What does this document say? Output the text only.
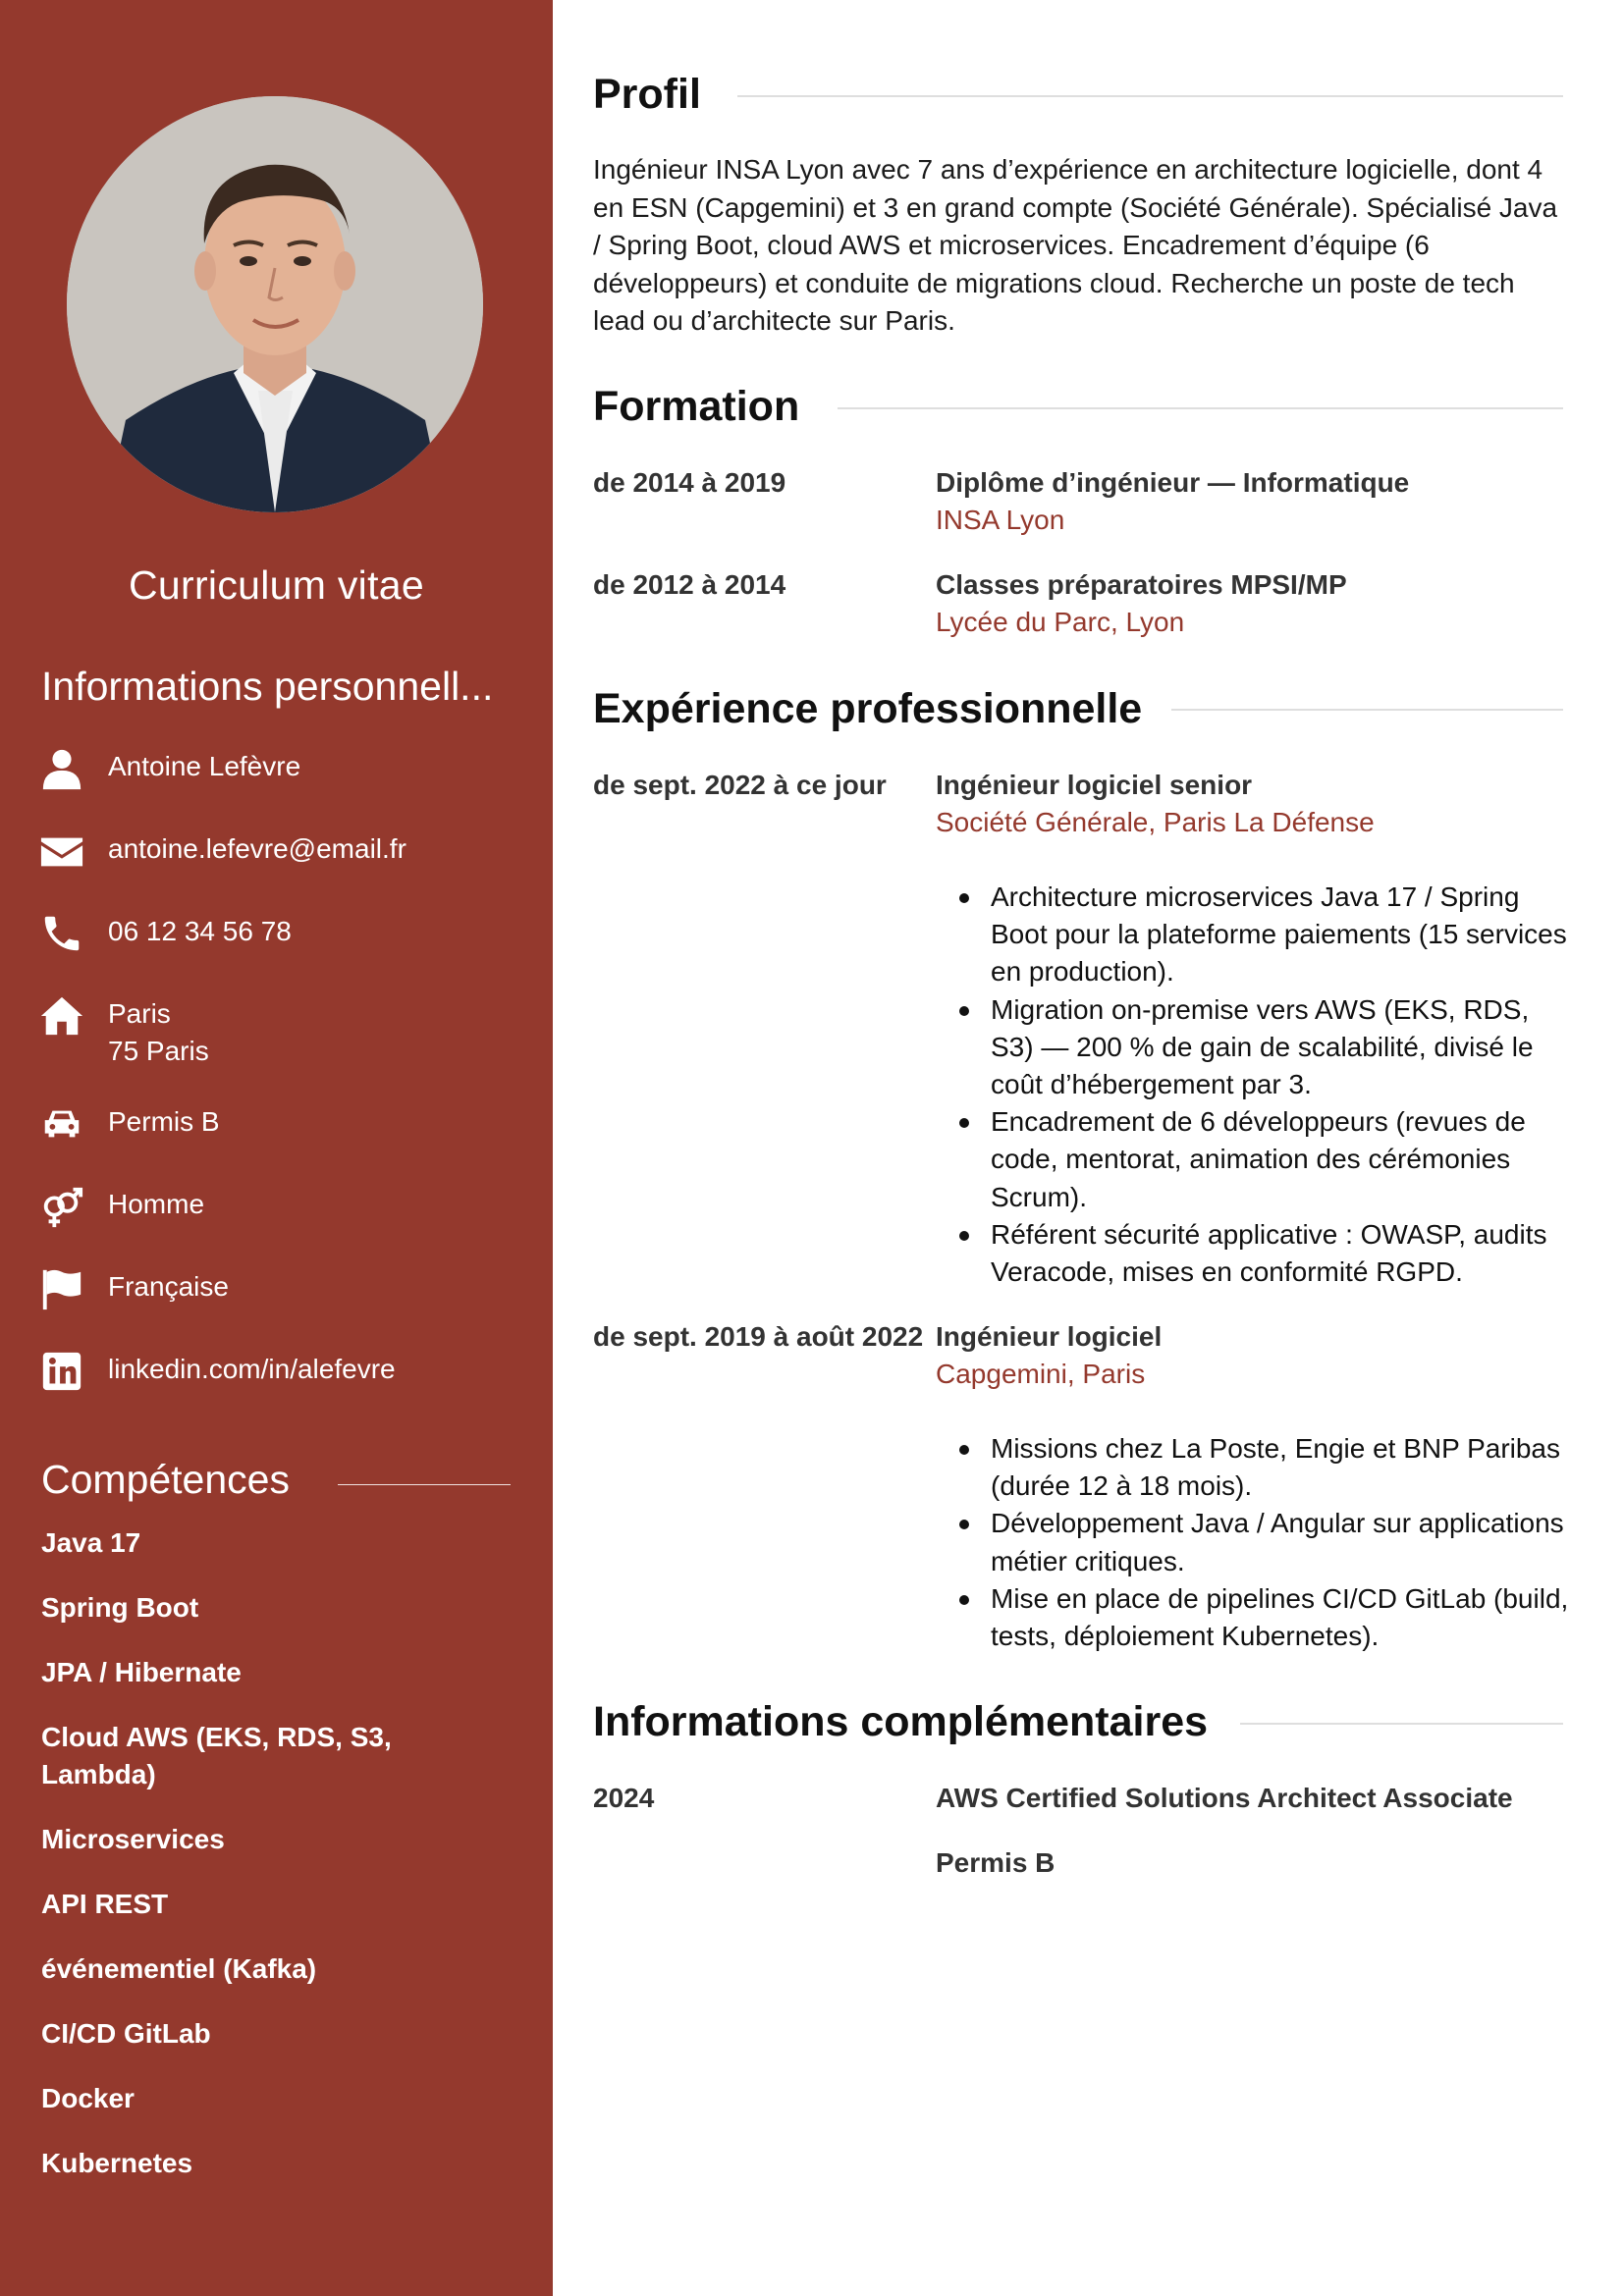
Curriculum vitae
Informations personnell...
Antoine Lefèvre
antoine.lefevre@email.fr
06 12 34 56 78
Paris
75 Paris
Permis B
Homme
Française
linkedin.com/in/alefevre
Compétences
Java 17
Spring Boot
JPA / Hibernate
Cloud AWS (EKS, RDS, S3, Lambda)
Microservices
API REST
événementiel (Kafka)
CI/CD GitLab
Docker
Kubernetes
Profil
Ingénieur INSA Lyon avec 7 ans d’expérience en architecture logicielle, dont 4 en ESN (Capgemini) et 3 en grand compte (Société Générale). Spécialisé Java / Spring Boot, cloud AWS et microservices. Encadrement d’équipe (6 développeurs) et conduite de migrations cloud. Recherche un poste de tech lead ou d’architecte sur Paris.
Formation
de 2014 à 2019	Diplôme d’ingénieur — Informatique
INSA Lyon
de 2012 à 2014	Classes préparatoires MPSI/MP
Lycée du Parc, Lyon
Expérience professionnelle
de sept. 2022 à ce jour Ingénieur logiciel senior
Société Générale, Paris La Défense
Architecture microservices Java 17 / Spring Boot pour la plateforme paiements (15 services en production).
Migration on-premise vers AWS (EKS, RDS, S3) — 200 % de gain de scalabilité, divisé le coût d’hébergement par 3.
Encadrement de 6 développeurs (revues de code, mentorat, animation des cérémonies Scrum).
Référent sécurité applicative : OWASP, audits Veracode, mises en conformité RGPD.
de sept. 2019 à août 2022 Ingénieur logiciel
Capgemini, Paris
Missions chez La Poste, Engie et BNP Paribas (durée 12 à 18 mois).
Développement Java / Angular sur applications métier critiques.
Mise en place de pipelines CI/CD GitLab (build, tests, déploiement Kubernetes).
Informations complémentaires
2024	AWS Certified Solutions Architect Associate
Permis B
